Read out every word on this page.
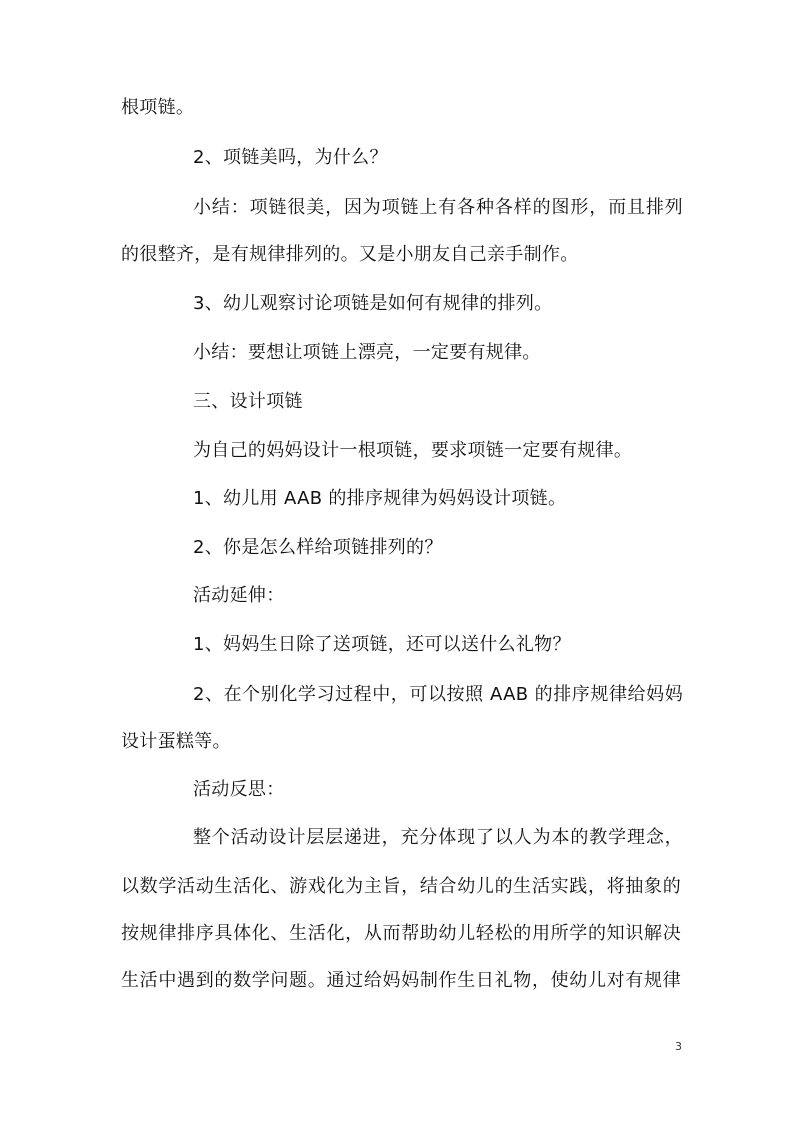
根项链。
2、项链美吗，为什么？
小结：项链很美，因为项链上有各种各样的图形，而且排列
的很整齐，是有规律排列的。又是小朋友自己亲手制作。
3、幼儿观察讨论项链是如何有规律的排列。
小结：要想让项链上漂亮，一定要有规律。
三、设计项链
为自己的妈妈设计一根项链，要求项链一定要有规律。
1、幼儿用 AAB 的排序规律为妈妈设计项链。
2、你是怎么样给项链排列的？
活动延伸：
1、妈妈生日除了送项链，还可以送什么礼物？
2、在个别化学习过程中，可以按照 AAB 的排序规律给妈妈
设计蛋糕等。
活动反思：
整个活动设计层层递进，充分体现了以人为本的教学理念，
以数学活动生活化、游戏化为主旨，结合幼儿的生活实践，将抽象的
按规律排序具体化、生活化，从而帮助幼儿轻松的用所学的知识解决
生活中遇到的数学问题。通过给妈妈制作生日礼物，使幼儿对有规律
3
